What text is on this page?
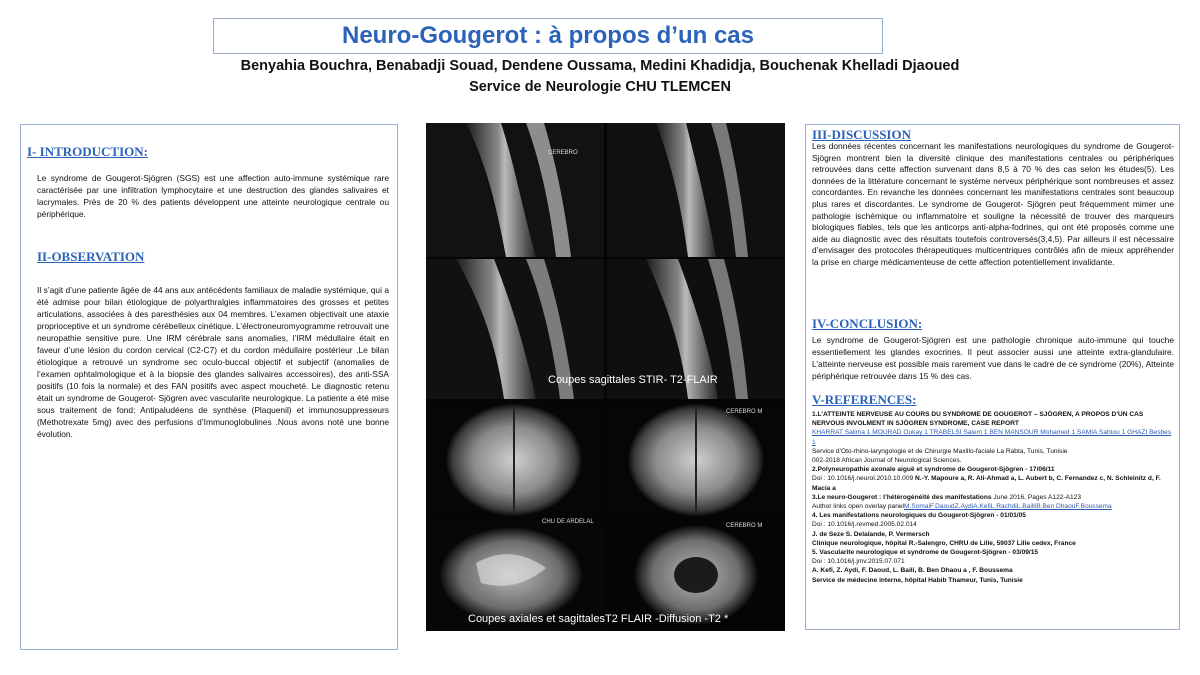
Neuro-Gougerot : à propos d’un cas
Benyahia Bouchra, Benabadji Souad, Dendene Oussama, Medini Khadidja, Bouchenak Khelladi Djaoued
Service de Neurologie CHU TLEMCEN
I- INTRODUCTION:
Le syndrome de Gougerot-Sjögren (SGS) est une affection auto-immune systémique rare caractérisée par une infiltration lymphocytaire et une destruction des glandes salivaires et lacrymales. Près de 20 % des patients développent une atteinte neurologique centrale ou périphérique.
II-OBSERVATION
Il s’agit d’une patiente âgée de 44 ans aux antécédents familiaux de maladie systémique, qui a été admise pour bilan étiologique de polyarthralgies inflammatoires des grosses et petites articulations, associées à des paresthésies aux 04 membres. L’examen objectivait une ataxie proprioceptive et un syndrome cérébelleux cinétique. L’électroneuromyogramme retrouvait une neuropathie sensitive pure. Une IRM cérébrale sans anomalies, l’IRM médullaire était en faveur d’une lésion du cordon cervical (C2-C7) et du cordon médullaire postérieur .Le bilan étiologique a retrouvé un syndrome sec oculo-buccal objectif et subjectif (anomalies de l’examen ophtalmologique et à la biopsie des glandes salivaires accessoires), des anti-SSA positifs (10 fois la normale) et des FAN positifs avec aspect moucheté. Le diagnostic retenu était un syndrome de Gougerot- Sjögren avec vascularite neurologique. La patiente a été mise sous traitement de fond: Antipaludéens de synthèse (Plaquenil) et immunosuppresseurs (Methotrexate 5mg) avec des perfusions d’Immunoglobulines .Nous avons noté une bonne évolution.
CEREBRO
CEREBRO M
CHU DE ARDELAL
CEREBRO M
Coupes sagittales STIR- T2-FLAIR
Coupes axiales et sagittalesT2 FLAIR -Diffusion -T2 *
III-DISCUSSION
Les données récentes concernant les manifestations neurologiques du syndrome de Gougerot- Sjögren montrent bien la diversité clinique des manifestations centrales ou périphériques retrouvées dans cette affection survenant dans 8,5 à 70 % des cas selon les études(5). Les données de la littérature concernant le système nerveux périphérique sont nombreuses et assez concordantes. En revanche les données concernant les manifestations centrales sont beaucoup plus rares et discordantes. Le syndrome de Gougerot- Sjögren peut fréquemment mimer une pathologie ischémique ou inflammatoire et souligne la nécessité de trouver des marqueurs biologiques fiables, tels que les anticorps anti-alpha-fodrines, qui ont été proposés comme une aide au diagnostic avec des résultats toutefois controversés(3,4,5). Par ailleurs il est nécessaire d’envisager des protocoles thérapeutiques multicentriques contrôlés afin de mieux appréhender la prise en charge médicamenteuse de cette affection potentiellement invalidante.
IV-CONCLUSION:
Le syndrome de Gougerot-Sjögren est une pathologie chronique auto-immune qui touche essentiellement les glandes exocrines. Il peut associer aussi une atteinte extra-glandulaire. L’atteinte nerveuse est possible mais rarement vue dans le cadre de ce syndrome (20%), Atteinte périphérique retrouvée dans 15 % des cas.
V-REFERENCES:
1.L’ATTEINTE NERVEUSE AU COURS DU SYNDROME DE GOUGEROT – SJÖGREN, A PROPOS D’UN CAS
NERVOUS INVOLMENT IN SJÖGREN SYNDROME, CASE REPORT
KHARRAT Salima 1 MOURAD Oukay 1 TRABELSI Salem 1 BEN MANSOUR Mohamed 1 SAMIA Sahtou 1 GHAZI Besbes 1
Service d’Oto-rhino-laryngologie et de Chirurgie Maxillo-faciale La Rabta, Tunis, Tunisie
002-2018 African Journal of Neurological Sciences.
2.Polyneuropathie axonale aiguë et syndrome de Gougerot-Sjögren - 17/06/11
Doi : 10.1016/j.neurol.2010.10.009 N.-Y. Mapoure a, R. Ali-Ahmad a, L. Aubert b, C. Fernandez c, N. Schleinitz d, F. Macia a
3.Le neuro-Gougerot : l’hétérogénéité des manifestations June 2016, Pages A122-A123
Author links open overlay panelM.SomaiF.DaoudZ.AydiA.KefiL.RachdiL.BailliB.Ben DhaouF.Boussema
4. Les manifestations neurologiques du Gougerot-Sjögren - 01/01/05
Doi : 10.1016/j.revmed.2005.02.014
J. de Seze S. Delalande, P. Vermersch
Clinique neurologique, hôpital R.-Salengro, CHRU de Lille, 59037 Lille cedex, France
5. Vascularite neurologique et syndrome de Gougerot-Sjögren - 03/09/15
Doi : 10.1016/j.jmv.2015.07.071
A. Kefi, Z. Aydi, F. Daoud, L. Baili, B. Ben Dhaou a , F. Boussema
Service de médecine interne, hôpital Habib Thameur, Tunis, Tunisie
